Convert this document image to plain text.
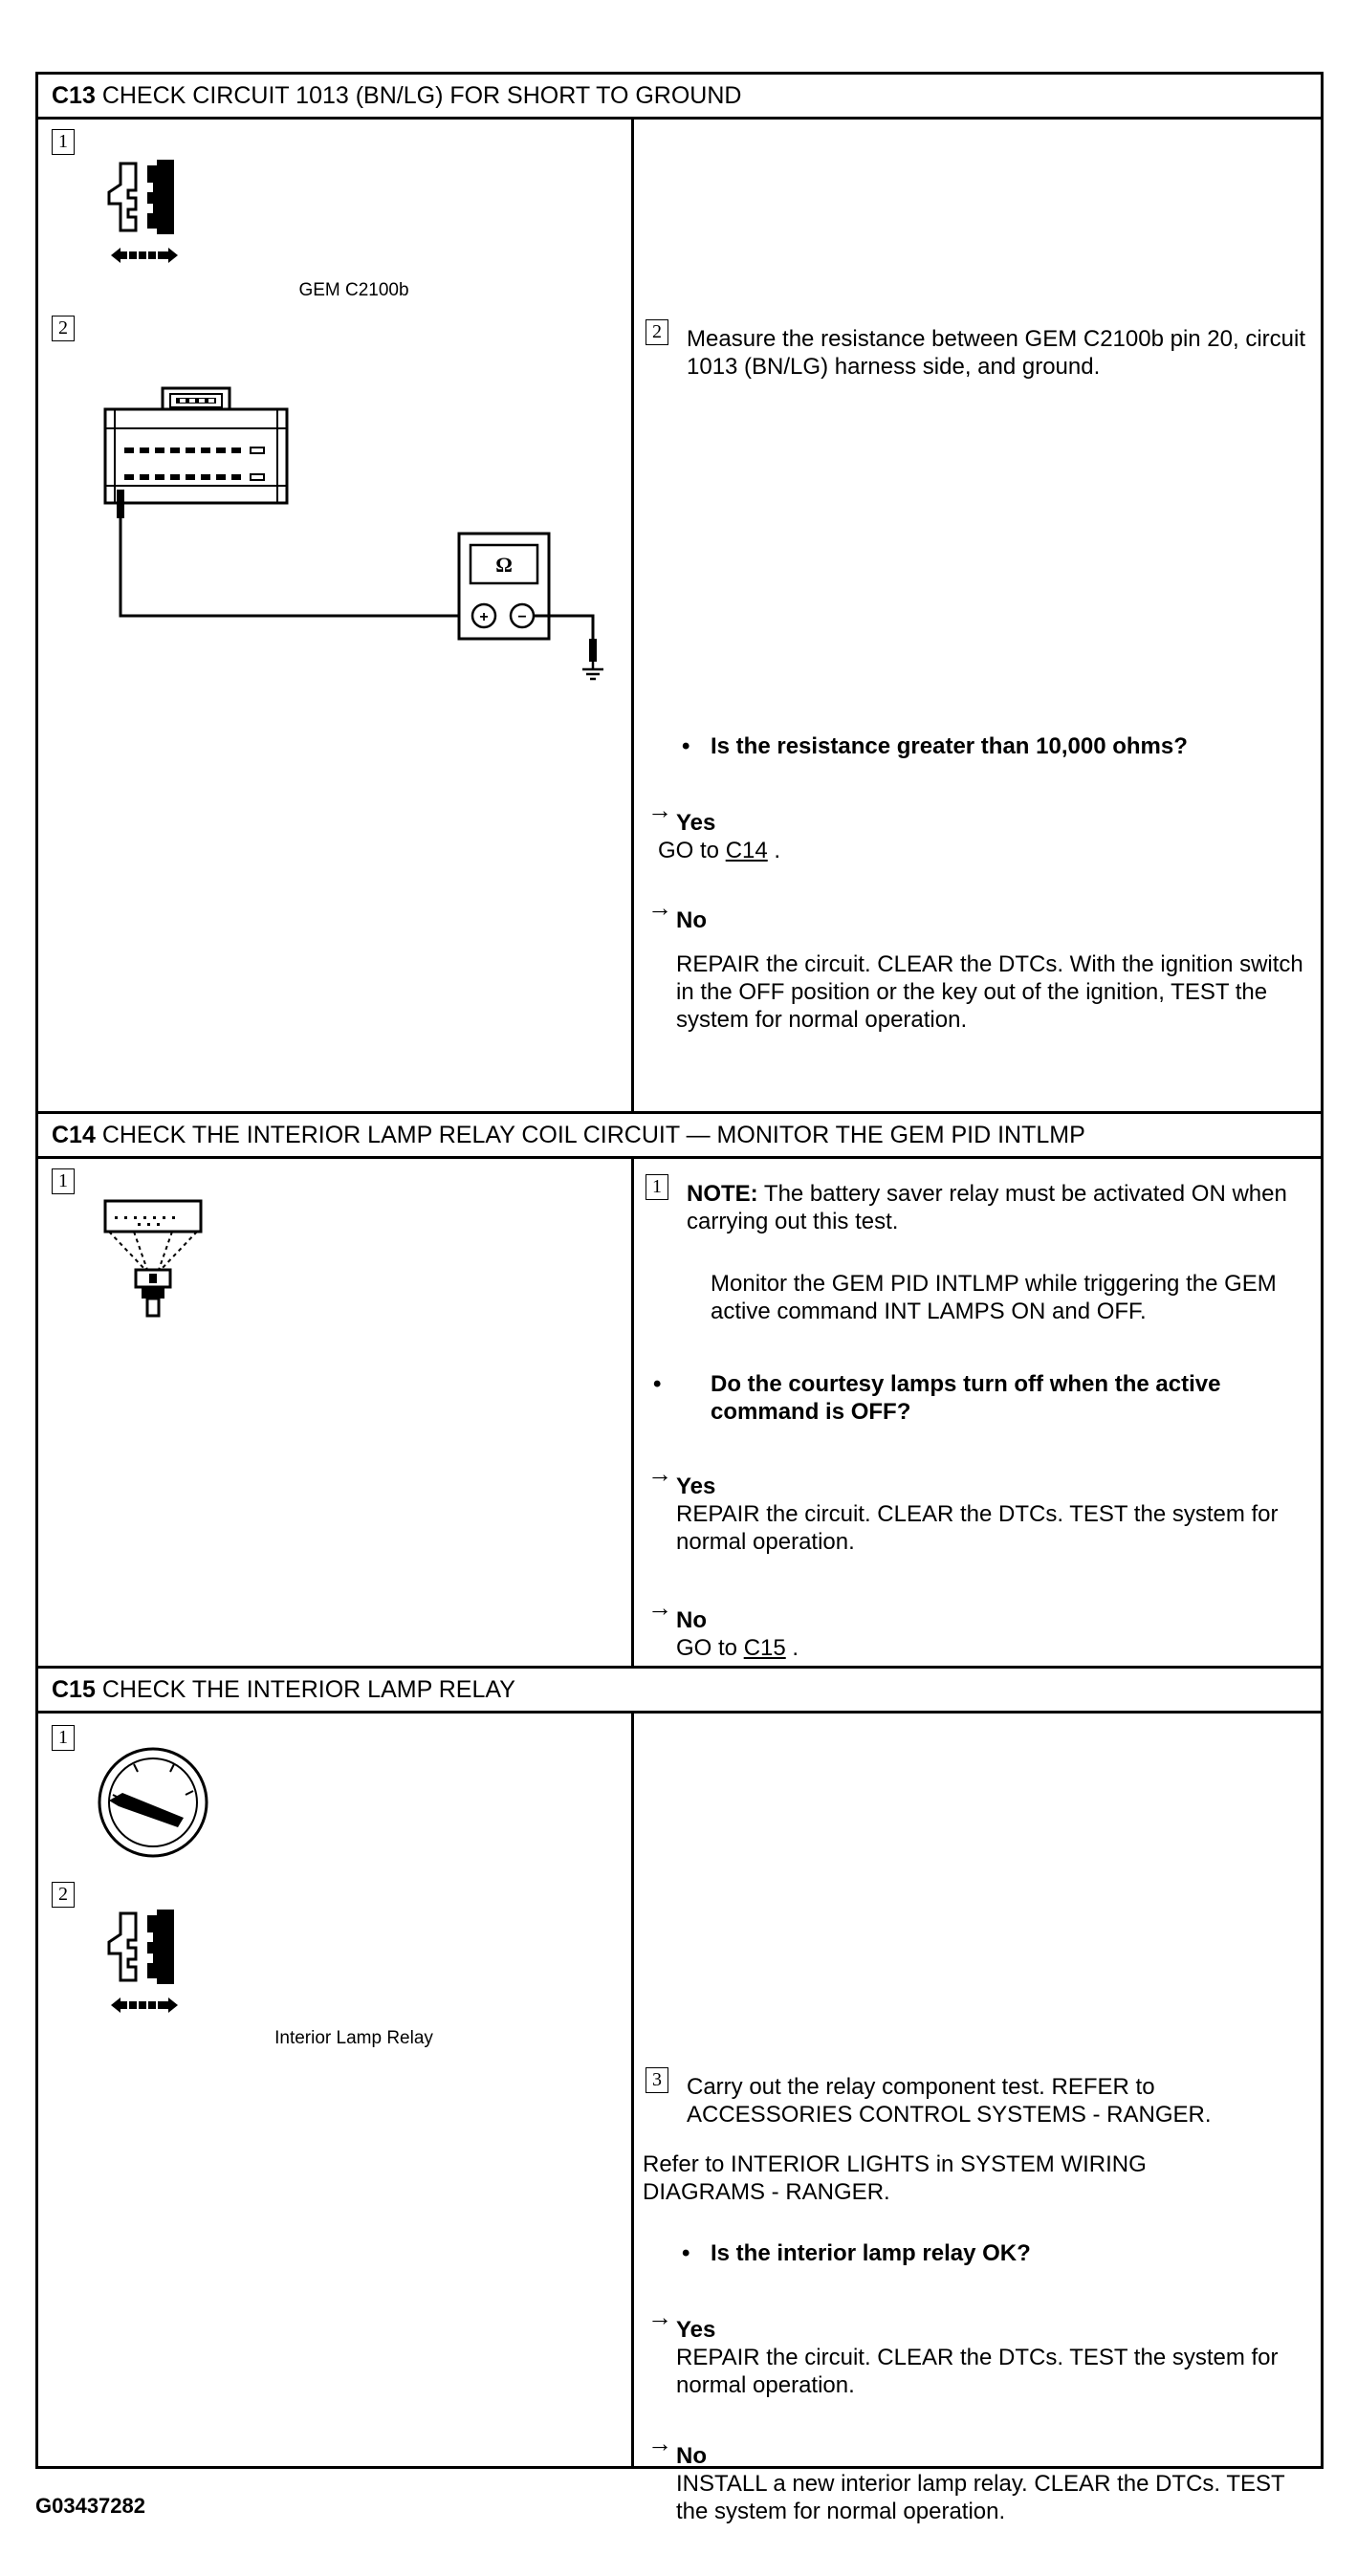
C13 CHECK CIRCUIT 1013 (BN/LG) FOR SHORT TO GROUND
1
GEM C2100b
2
Ω
+ −
2 Measure the resistance between GEM C2100b pin 20, circuit 1013 (BN/LG) harness side, and ground.
• Is the resistance greater than 10,000 ohms?
→ Yes
GO to C14 .
→ No
REPAIR the circuit. CLEAR the DTCs. With the ignition switch in the OFF position or the key out of the ignition, TEST the system for normal operation.
C14 CHECK THE INTERIOR LAMP RELAY COIL CIRCUIT — MONITOR THE GEM PID INTLMP
1	1 NOTE: The battery saver relay must be activated ON when carrying out this test.
Monitor the GEM PID INTLMP while triggering the GEM active command INT LAMPS ON and OFF.
• Do the courtesy lamps turn off when the active command is OFF?
→ Yes
REPAIR the circuit. CLEAR the DTCs. TEST the system for normal operation.
→ No
GO to C15 .
C15 CHECK THE INTERIOR LAMP RELAY
1
2
Interior Lamp Relay
3 Carry out the relay component test. REFER to ACCESSORIES CONTROL SYSTEMS - RANGER.
Refer to INTERIOR LIGHTS in SYSTEM WIRING DIAGRAMS - RANGER.
• Is the interior lamp relay OK?
→ Yes
REPAIR the circuit. CLEAR the DTCs. TEST the system for normal operation.
→ No
INSTALL a new interior lamp relay. CLEAR the DTCs. TEST the system for normal operation.
G03437282
